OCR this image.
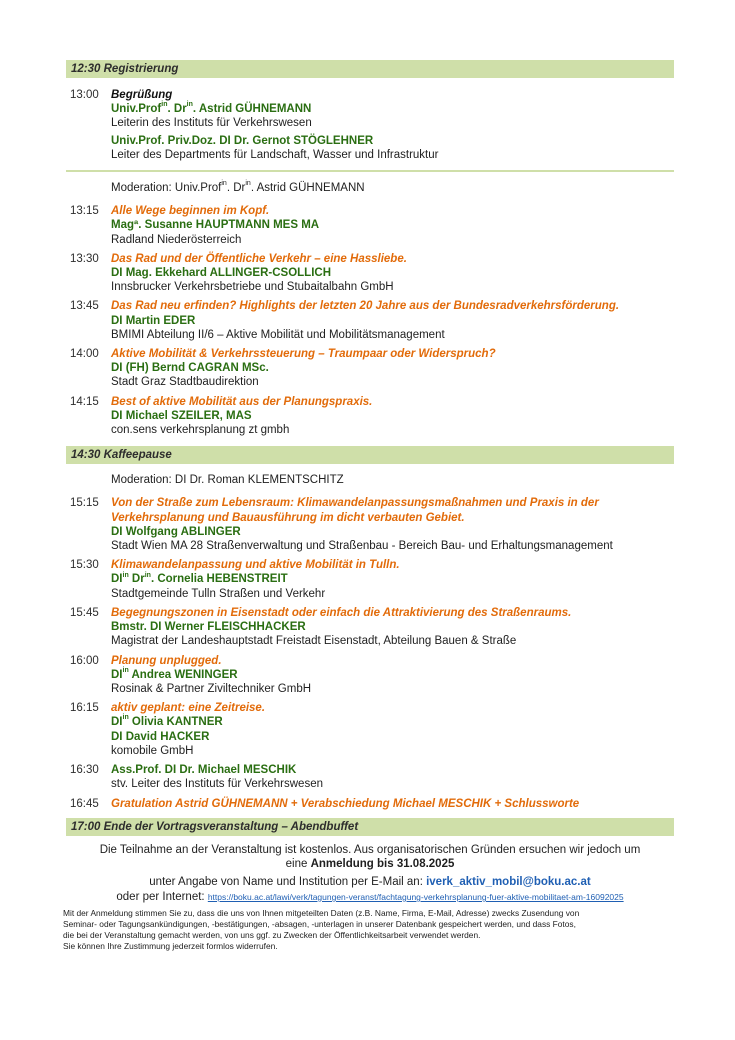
12:30 Registrierung
13:00	Begrüßung
Univ.Prof$^{in}$. $Dr^{in}$. Astrid GÜHNEMANN
Leiterin des Instituts für Verkehrswesen
Univ.Prof. Priv.Doz. DI Dr. Gernot STÖGLEHNER
Leiter des Departments für Landschaft, Wasser und Infrastruktur
Moderation: Univ.Prof$^{in}$. $Dr^{in}$. Astrid GÜHNEMANN
13:15	Alle Wege beginnen im Kopf.
Magª. Susanne HAUPTMANN MES MA
Radland Niederösterreich
13:30	Das Rad und der Öffentliche Verkehr – eine Hassliebe.
DI Mag. Ekkehard ALLINGER-CSOLLICH
Innsbrucker Verkehrsbetriebe und Stubaitalbahn GmbH
13:45	Das Rad neu erfinden? Highlights der letzten 20 Jahre aus der Bundesradverkehrsförderung.
DI Martin EDER
BMIMI Abteilung II/6 – Aktive Mobilität und Mobilitätsmanagement
14:00	Aktive Mobilität & Verkehrssteuerung – Traumpaar oder Widerspruch?
DI (FH) Bernd CAGRAN MSc.
Stadt Graz Stadtbaudirektion
14:15	Best of aktive Mobilität aus der Planungspraxis.
DI Michael SZEILER, MAS
con.sens verkehrsplanung zt gmbh
14:30 Kaffeepause
Moderation: DI Dr. Roman KLEMENTSCHITZ
15:15	Von der Straße zum Lebensraum: Klimawandelanpassungsmaßnahmen und Praxis in der
Verkehrsplanung und Bauausführung im dicht verbauten Gebiet.
DI Wolfgang ABLINGER
Stadt Wien MA 28 Straßenverwaltung und Straßenbau - Bereich Bau- und Erhaltungsmanagement
15:30	Klimawandelanpassung und aktive Mobilität in Tulln.
$DI^{in}$ $Dr^{in}$. Cornelia HEBENSTREIT
Stadtgemeinde Tulln Straßen und Verkehr
15:45	Begegnungszonen in Eisenstadt oder einfach die Attraktivierung des Straßenraums.
Bmstr. DI Werner FLEISCHHACKER
Magistrat der Landeshauptstadt Freistadt Eisenstadt, Abteilung Bauen & Straße
16:00	Planung unplugged.
$DI^{in}$ Andrea WENINGER
Rosinak & Partner Ziviltechniker GmbH
16:15	aktiv geplant: eine Zeitreise.
$DI^{in}$ Olivia KANTNER
DI David HACKER
komobile GmbH
16:30	Ass.Prof. DI Dr. Michael MESCHIK
stv. Leiter des Instituts für Verkehrswesen
16:45	Gratulation Astrid GÜHNEMANN + Verabschiedung Michael MESCHIK + Schlussworte
17:00 Ende der Vortragsveranstaltung – Abendbuffet
Die Teilnahme an der Veranstaltung ist kostenlos. Aus organisatorischen Gründen ersuchen wir jedoch um
eine Anmeldung bis 31.08.2025
unter Angabe von Name und Institution per E-Mail an: iverk_aktiv_mobil@boku.ac.at
oder per Internet: https://boku.ac.at/lawi/verk/tagungen-veranst/fachtagung-verkehrsplanung-fuer-aktive-mobilitaet-am-16092025
Mit der Anmeldung stimmen Sie zu, dass die uns von Ihnen mitgeteilten Daten (z.B. Name, Firma, E-Mail, Adresse) zwecks Zusendung von
Seminar- oder Tagungsankündigungen, -bestätigungen, -absagen, -unterlagen in unserer Datenbank gespeichert werden, und dass Fotos,
die bei der Veranstaltung gemacht werden, von uns ggf. zu Zwecken der Öffentlichkeitsarbeit verwendet werden.
Sie können Ihre Zustimmung jederzeit formlos widerrufen.
